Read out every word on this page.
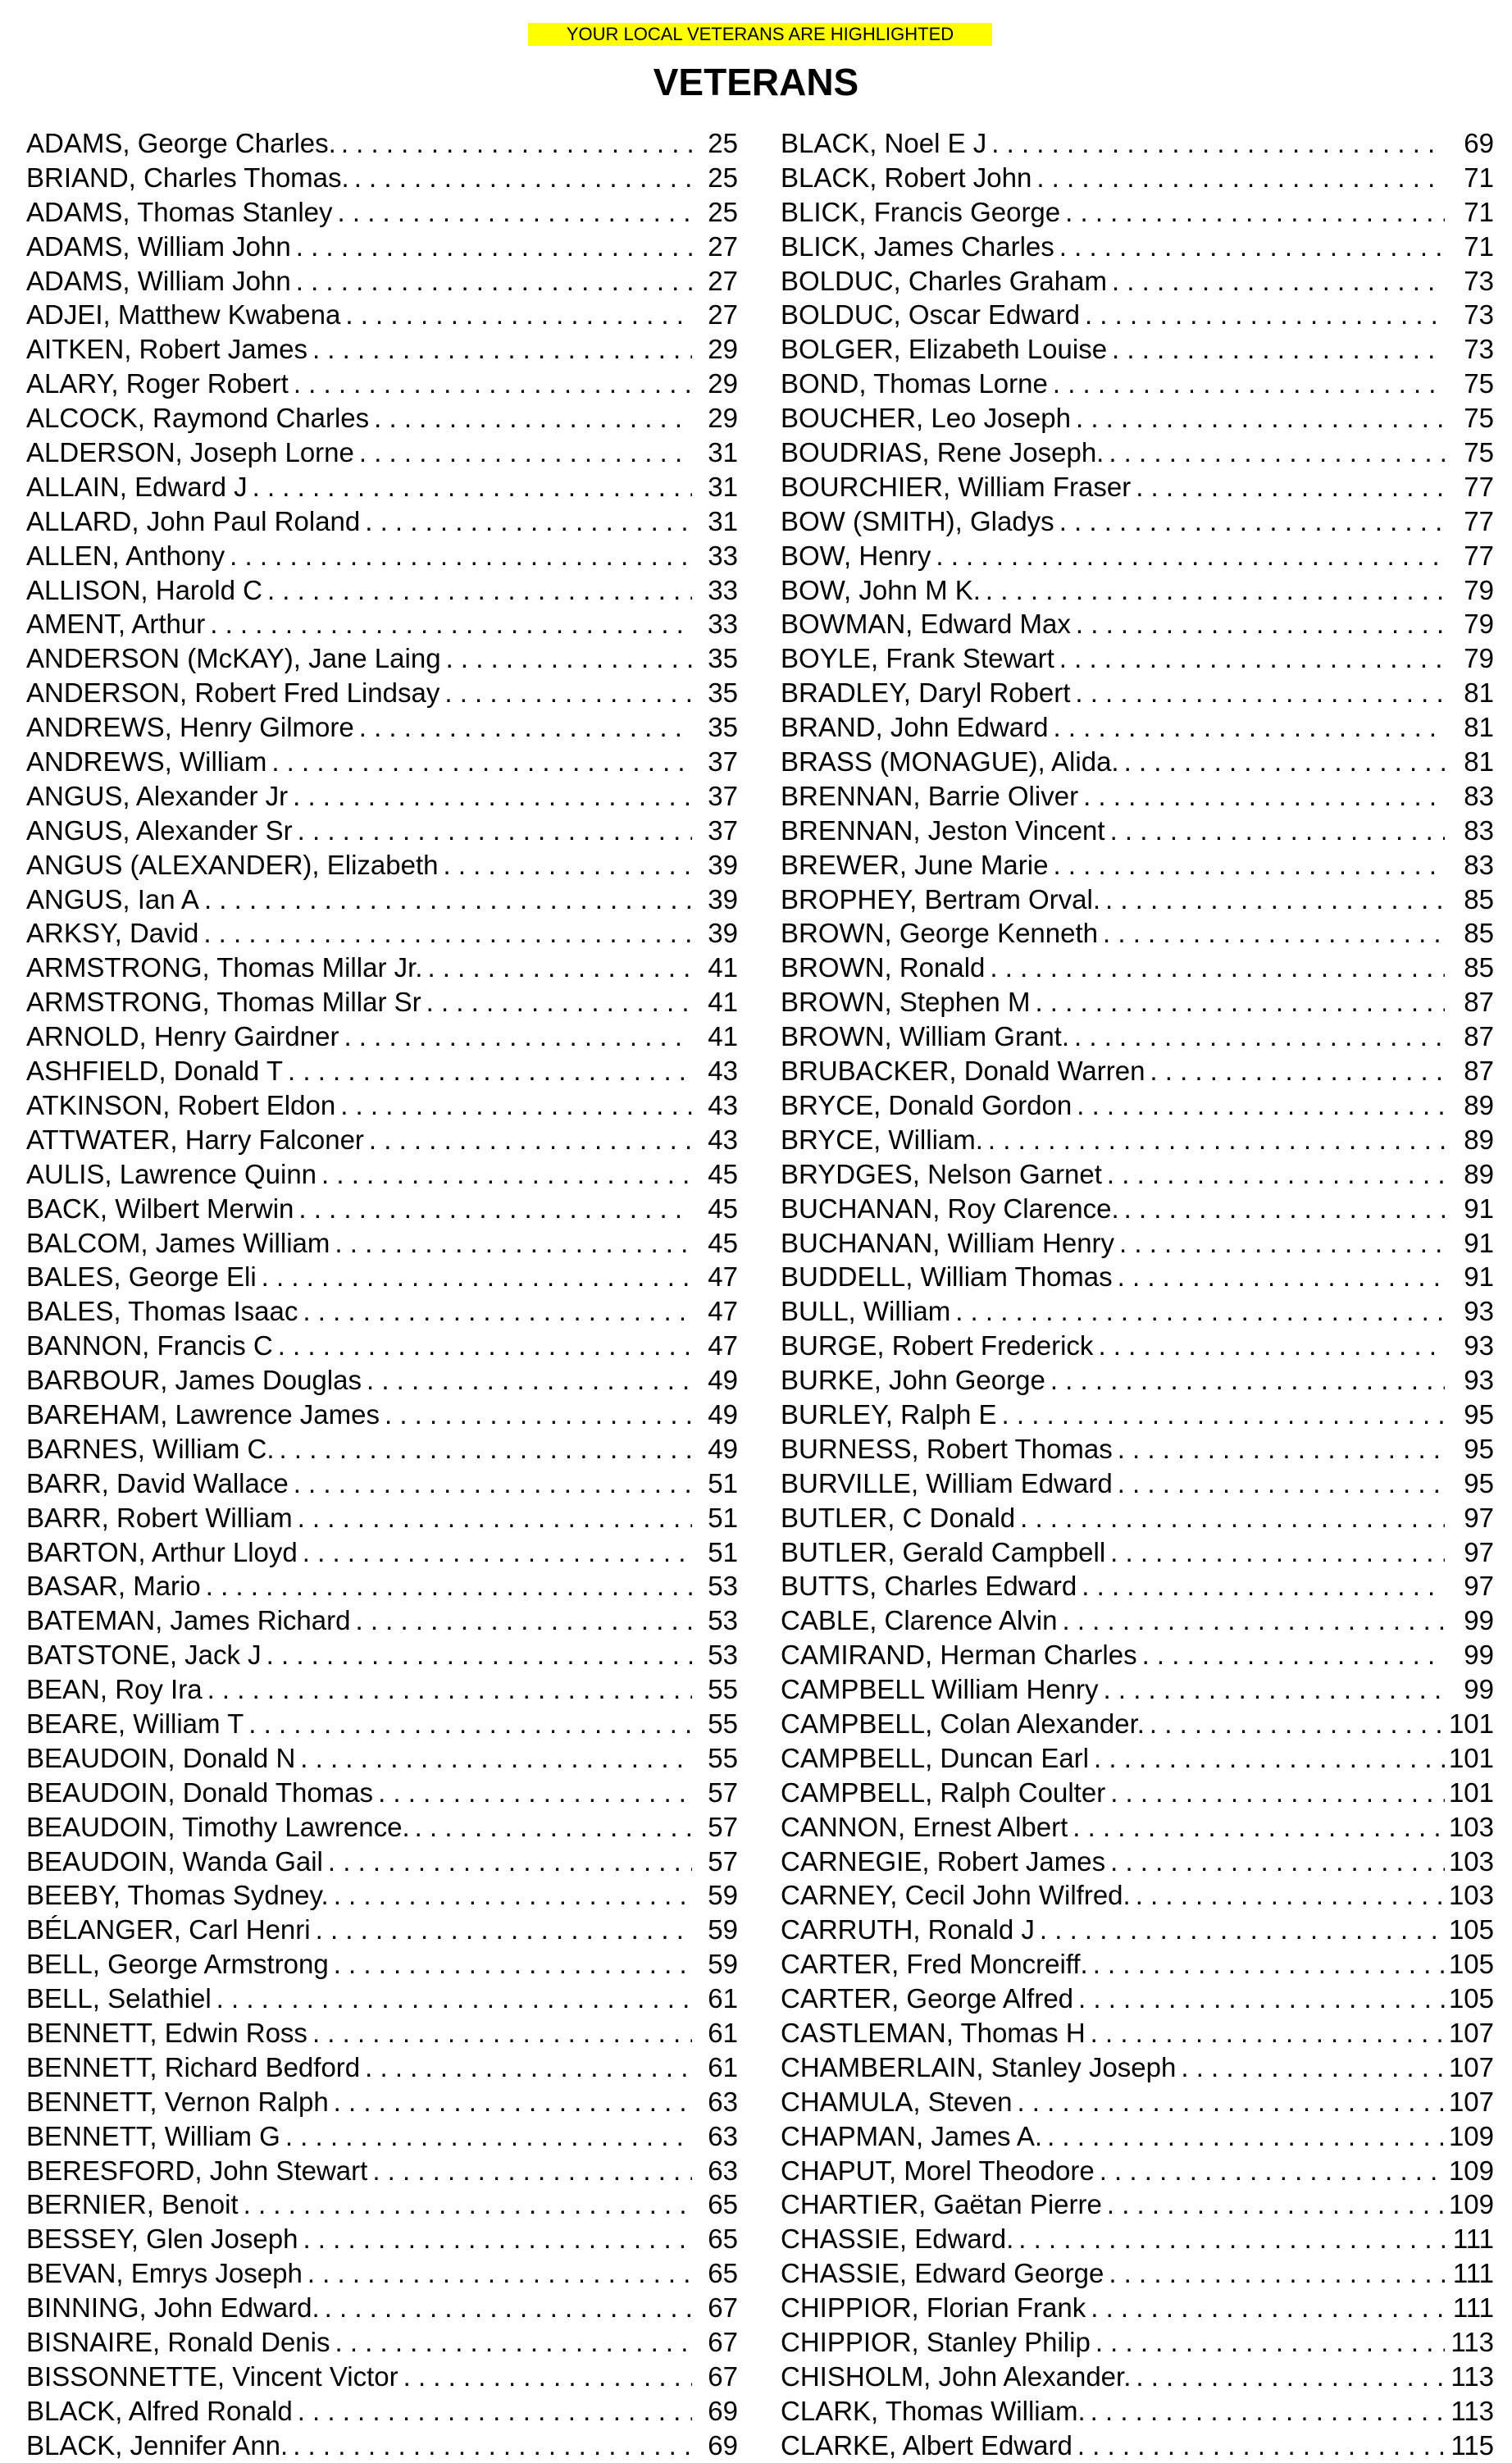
YOUR LOCAL VETERANS ARE HIGHLIGHTED
VETERANS
ADAMS, George Charles. . . .	25
BRIAND, Charles Thomas. . . .	25
ADAMS, Thomas Stanley . . .	25
ADAMS, William John . . .	27
ADAMS, William John . . .	27
ADJEI, Matthew Kwabena . . .	27
AITKEN, Robert James . . .	29
ALARY, Roger Robert . . .	29
ALCOCK, Raymond Charles . . .	29
ALDERSON, Joseph Lorne . . .	31
ALLAIN, Edward J . . .	31
ALLARD, John Paul Roland . . .	31
ALLEN, Anthony . . .	33
ALLISON, Harold C . . .	33
AMENT, Arthur . . .	33
ANDERSON (McKAY), Jane Laing . . .	35
ANDERSON, Robert Fred Lindsay . . .	35
ANDREWS, Henry Gilmore . . .	35
ANDREWS, William . . .	37
ANGUS, Alexander Jr . . .	37
ANGUS, Alexander Sr . . .	37
ANGUS (ALEXANDER), Elizabeth . . .	39
ANGUS, Ian A . . .	39
ARKSY, David . . .	39
ARMSTRONG, Thomas Millar Jr. . . .	41
ARMSTRONG, Thomas Millar Sr . . .	41
ARNOLD, Henry Gairdner . . .	41
ASHFIELD, Donald T . . .	43
ATKINSON, Robert Eldon . . .	43
ATTWATER, Harry Falconer . . .	43
AULIS, Lawrence Quinn . . .	45
BACK, Wilbert Merwin . . .	45
BALCOM, James William . . .	45
BALES, George Eli . . .	47
BALES, Thomas Isaac . . .	47
BANNON, Francis C . . .	47
BARBOUR, James Douglas . . .	49
BAREHAM, Lawrence James . . .	49
BARNES, William C. . . .	49
BARR, David Wallace . . .	51
BARR, Robert William . . .	51
BARTON, Arthur Lloyd . . .	51
BASAR, Mario . . .	53
BATEMAN, James Richard . . .	53
BATSTONE, Jack J . . .	53
BEAN, Roy Ira . . .	55
BEARE, William T . . .	55
BEAUDOIN, Donald N . . .	55
BEAUDOIN, Donald Thomas . . .	57
BEAUDOIN, Timothy Lawrence. . . .	57
BEAUDOIN, Wanda Gail . . .	57
BEEBY, Thomas Sydney. . . .	59
BÉLANGER, Carl Henri . . .	59
BELL, George Armstrong . . .	59
BELL, Selathiel . . .	61
BENNETT, Edwin Ross . . .	61
BENNETT, Richard Bedford . . .	61
BENNETT, Vernon Ralph . . .	63
BENNETT, William G . . .	63
BERESFORD, John Stewart . . .	63
BERNIER, Benoit . . .	65
BESSEY, Glen Joseph . . .	65
BEVAN, Emrys Joseph . . .	65
BINNING, John Edward. . . .	67
BISNAIRE, Ronald Denis . . .	67
BISSONNETTE, Vincent Victor . . .	67
BLACK, Alfred Ronald . . .	69
BLACK, Jennifer Ann. . . .	69
BLACK, Noel E J . . .	69
BLACK, Robert John . . .	71
BLICK, Francis George . . .	71
BLICK, James Charles . . .	71
BOLDUC, Charles Graham . . .	73
BOLDUC, Oscar Edward . . .	73
BOLGER, Elizabeth Louise . . .	73
BOND, Thomas Lorne . . .	75
BOUCHER, Leo Joseph . . .	75
BOUDRIAS, Rene Joseph. . . .	75
BOURCHIER, William Fraser . . .	77
BOW (SMITH), Gladys . . .	77
BOW, Henry . . .	77
BOW, John M K. . . .	79
BOWMAN, Edward Max . . .	79
BOYLE, Frank Stewart . . .	79
BRADLEY, Daryl Robert . . .	81
BRAND, John Edward . . .	81
BRASS (MONAGUE), Alida. . . .	81
BRENNAN, Barrie Oliver . . .	83
BRENNAN, Jeston Vincent . . .	83
BREWER, June Marie . . .	83
BROPHEY, Bertram Orval. . . .	85
BROWN, George Kenneth . . .	85
BROWN, Ronald . . .	85
BROWN, Stephen M . . .	87
BROWN, William Grant. . . .	87
BRUBACKER, Donald Warren . . .	87
BRYCE, Donald Gordon . . .	89
BRYCE, William. . . .	89
BRYDGES, Nelson Garnet . . .	89
BUCHANAN, Roy Clarence. . . .	91
BUCHANAN, William Henry . . .	91
BUDDELL, William Thomas . . .	91
BULL, William . . .	93
BURGE, Robert Frederick . . .	93
BURKE, John George . . .	93
BURLEY, Ralph E . . .	95
BURNESS, Robert Thomas . . .	95
BURVILLE, William Edward . . .	95
BUTLER, C Donald . . .	97
BUTLER, Gerald Campbell . . .	97
BUTTS, Charles Edward . . .	97
CABLE, Clarence Alvin . . .	99
CAMIRAND, Herman Charles . . .	99
CAMPBELL William Henry . . .	99
CAMPBELL, Colan Alexander. . . .	101
CAMPBELL, Duncan Earl . . .	101
CAMPBELL, Ralph Coulter . . .	101
CANNON, Ernest Albert . . .	103
CARNEGIE, Robert James . . .	103
CARNEY, Cecil John Wilfred. . . .	103
CARRUTH, Ronald J . . .	105
CARTER, Fred Moncreiff. . . .	105
CARTER, George Alfred . . .	105
CASTLEMAN, Thomas H . . .	107
CHAMBERLAIN, Stanley Joseph . . .	107
CHAMULA, Steven . . .	107
CHAPMAN, James A. . . .	109
CHAPUT, Morel Theodore . . .	109
CHARTIER, Gaëtan Pierre . . .	109
CHASSIE, Edward. . . .	111
CHASSIE, Edward George . . .	111
CHIPPIOR, Florian Frank . . .	111
CHIPPIOR, Stanley Philip . . .	113
CHISHOLM, John Alexander. . . .	113
CLARK, Thomas William. . . .	113
CLARKE, Albert Edward . . .	115
